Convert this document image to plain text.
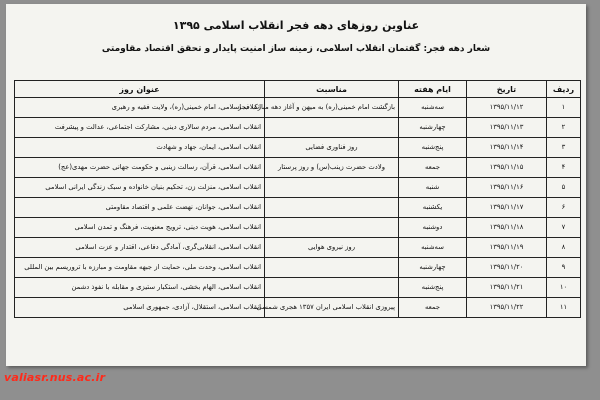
عناوین روزهای دهه فجر انقلاب اسلامی ۱۳۹۵
شعار دهه فجر: گفتمان انقلاب اسلامی، زمینه ساز امنیت پایدار و تحقق اقتصاد مقاومتی
ردیف	تاریخ	ایام هفته	مناسبت	عنوان روز
۱	۱۳۹۵/۱۱/۱۲	سه‌شنبه	بازگشت امام خمینی(ره) به میهن و آغاز دهه مبارک فجر	انقلاب اسلامی، امام خمینی(ره)، ولایت فقیه و رهبری
۲	۱۳۹۵/۱۱/۱۳	چهارشنبه		انقلاب اسلامی، مردم سالاری دینی، مشارکت اجتماعی، عدالت و پیشرفت
۳	۱۳۹۵/۱۱/۱۴	پنج‌شنبه	روز فناوری فضایی	انقلاب اسلامی، ایمان، جهاد و شهادت
۴	۱۳۹۵/۱۱/۱۵	جمعه	ولادت حضرت زینب(س) و روز پرستار	انقلاب اسلامی، قرآن، رسالت زینبی و حکومت جهانی حضرت مهدی(عج)
۵	۱۳۹۵/۱۱/۱۶	شنبه		انقلاب اسلامی، منزلت زن، تحکیم بنیان خانواده و سبک زندگی ایرانی اسلامی
۶	۱۳۹۵/۱۱/۱۷	یکشنبه		انقلاب اسلامی، جوانان، نهضت علمی و اقتصاد مقاومتی
۷	۱۳۹۵/۱۱/۱۸	دوشنبه		انقلاب اسلامی، هویت دینی، ترویج معنویت، فرهنگ و تمدن اسلامی
۸	۱۳۹۵/۱۱/۱۹	سه‌شنبه	روز نیروی هوایی	انقلاب اسلامی، انقلابی‌گری، آمادگی دفاعی، اقتدار و عزت اسلامی
۹	۱۳۹۵/۱۱/۲۰	چهارشنبه		انقلاب اسلامی، وحدت ملی، حمایت از جبهه مقاومت و مبارزه با تروریسم بین المللی
۱۰	۱۳۹۵/۱۱/۲۱	پنج‌شنبه		انقلاب اسلامی، الهام بخشی، استکبار ستیزی و مقابله با نفوذ دشمن
۱۱	۱۳۹۵/۱۱/۲۲	جمعه	پیروزی انقلاب اسلامی ایران ۱۳۵۷ هجری شمسی	انقلاب اسلامی، استقلال، آزادی، جمهوری اسلامی
valiasr.nus.ac.ir
